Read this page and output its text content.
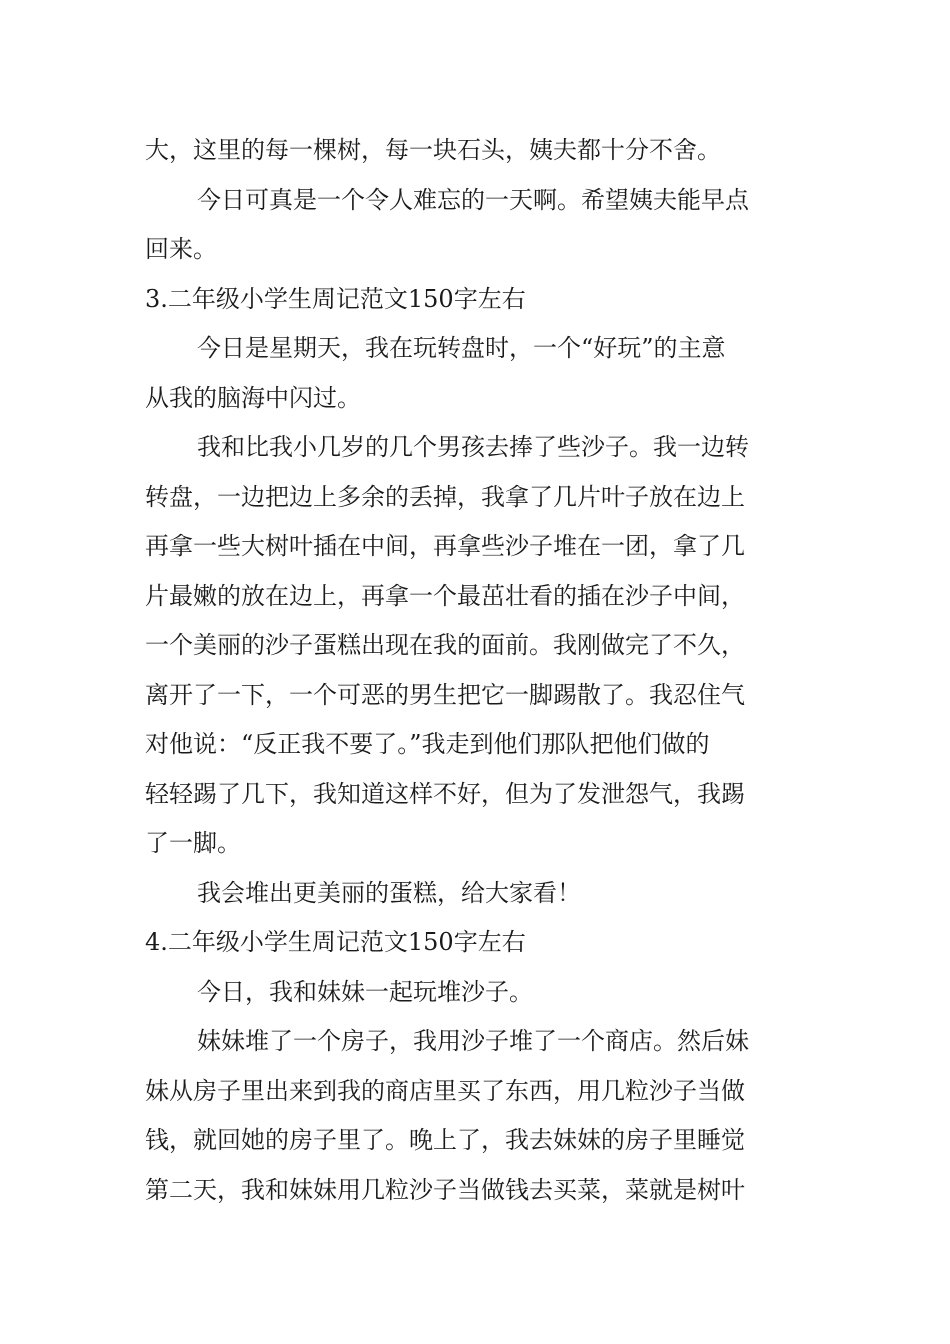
大，这里的每一棵树，每一块石头，姨夫都十分不舍。
今日可真是一个令人难忘的一天啊。希望姨夫能早点
回来。
3.二年级小学生周记范文150字左右
今日是星期天，我在玩转盘时，一个“好玩”的主意
从我的脑海中闪过。
我和比我小几岁的几个男孩去捧了些沙子。我一边转
转盘，一边把边上多余的丢掉，我拿了几片叶子放在边上
再拿一些大树叶插在中间，再拿些沙子堆在一团，拿了几
片最嫩的放在边上，再拿一个最茁壮看的插在沙子中间，
一个美丽的沙子蛋糕出现在我的面前。我刚做完了不久，
离开了一下，一个可恶的男生把它一脚踢散了。我忍住气
对他说：“反正我不要了。”我走到他们那队把他们做的
轻轻踢了几下，我知道这样不好，但为了发泄怨气，我踢
了一脚。
我会堆出更美丽的蛋糕，给大家看！
4.二年级小学生周记范文150字左右
今日，我和妹妹一起玩堆沙子。
妹妹堆了一个房子，我用沙子堆了一个商店。然后妹
妹从房子里出来到我的商店里买了东西，用几粒沙子当做
钱，就回她的房子里了。晚上了，我去妹妹的房子里睡觉
第二天，我和妹妹用几粒沙子当做钱去买菜，菜就是树叶
